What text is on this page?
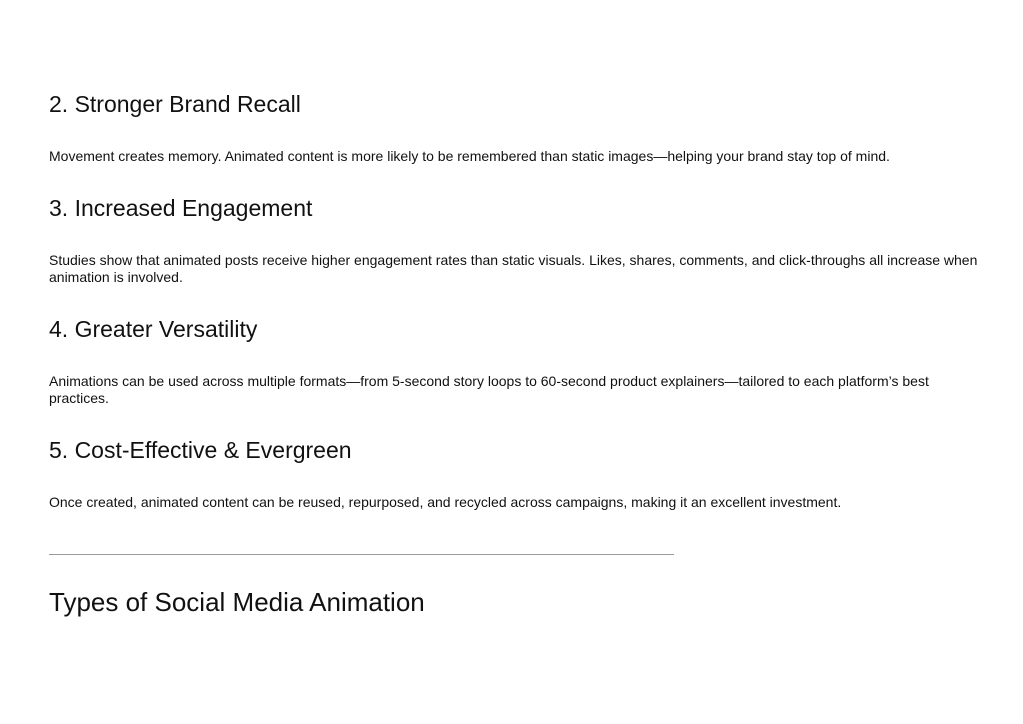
2. Stronger Brand Recall

Movement creates memory. Animated content is more likely to be remembered than static images—helping your brand stay top of mind.

3. Increased Engagement

Studies show that animated posts receive higher engagement rates than static visuals. Likes, shares, comments, and click-throughs all increase when animation is involved.

4. Greater Versatility

Animations can be used across multiple formats—from 5-second story loops to 60-second product explainers—tailored to each platform’s best practices.

5. Cost-Effective & Evergreen

Once created, animated content can be reused, repurposed, and recycled across campaigns, making it an excellent investment.

Types of Social Media Animation
